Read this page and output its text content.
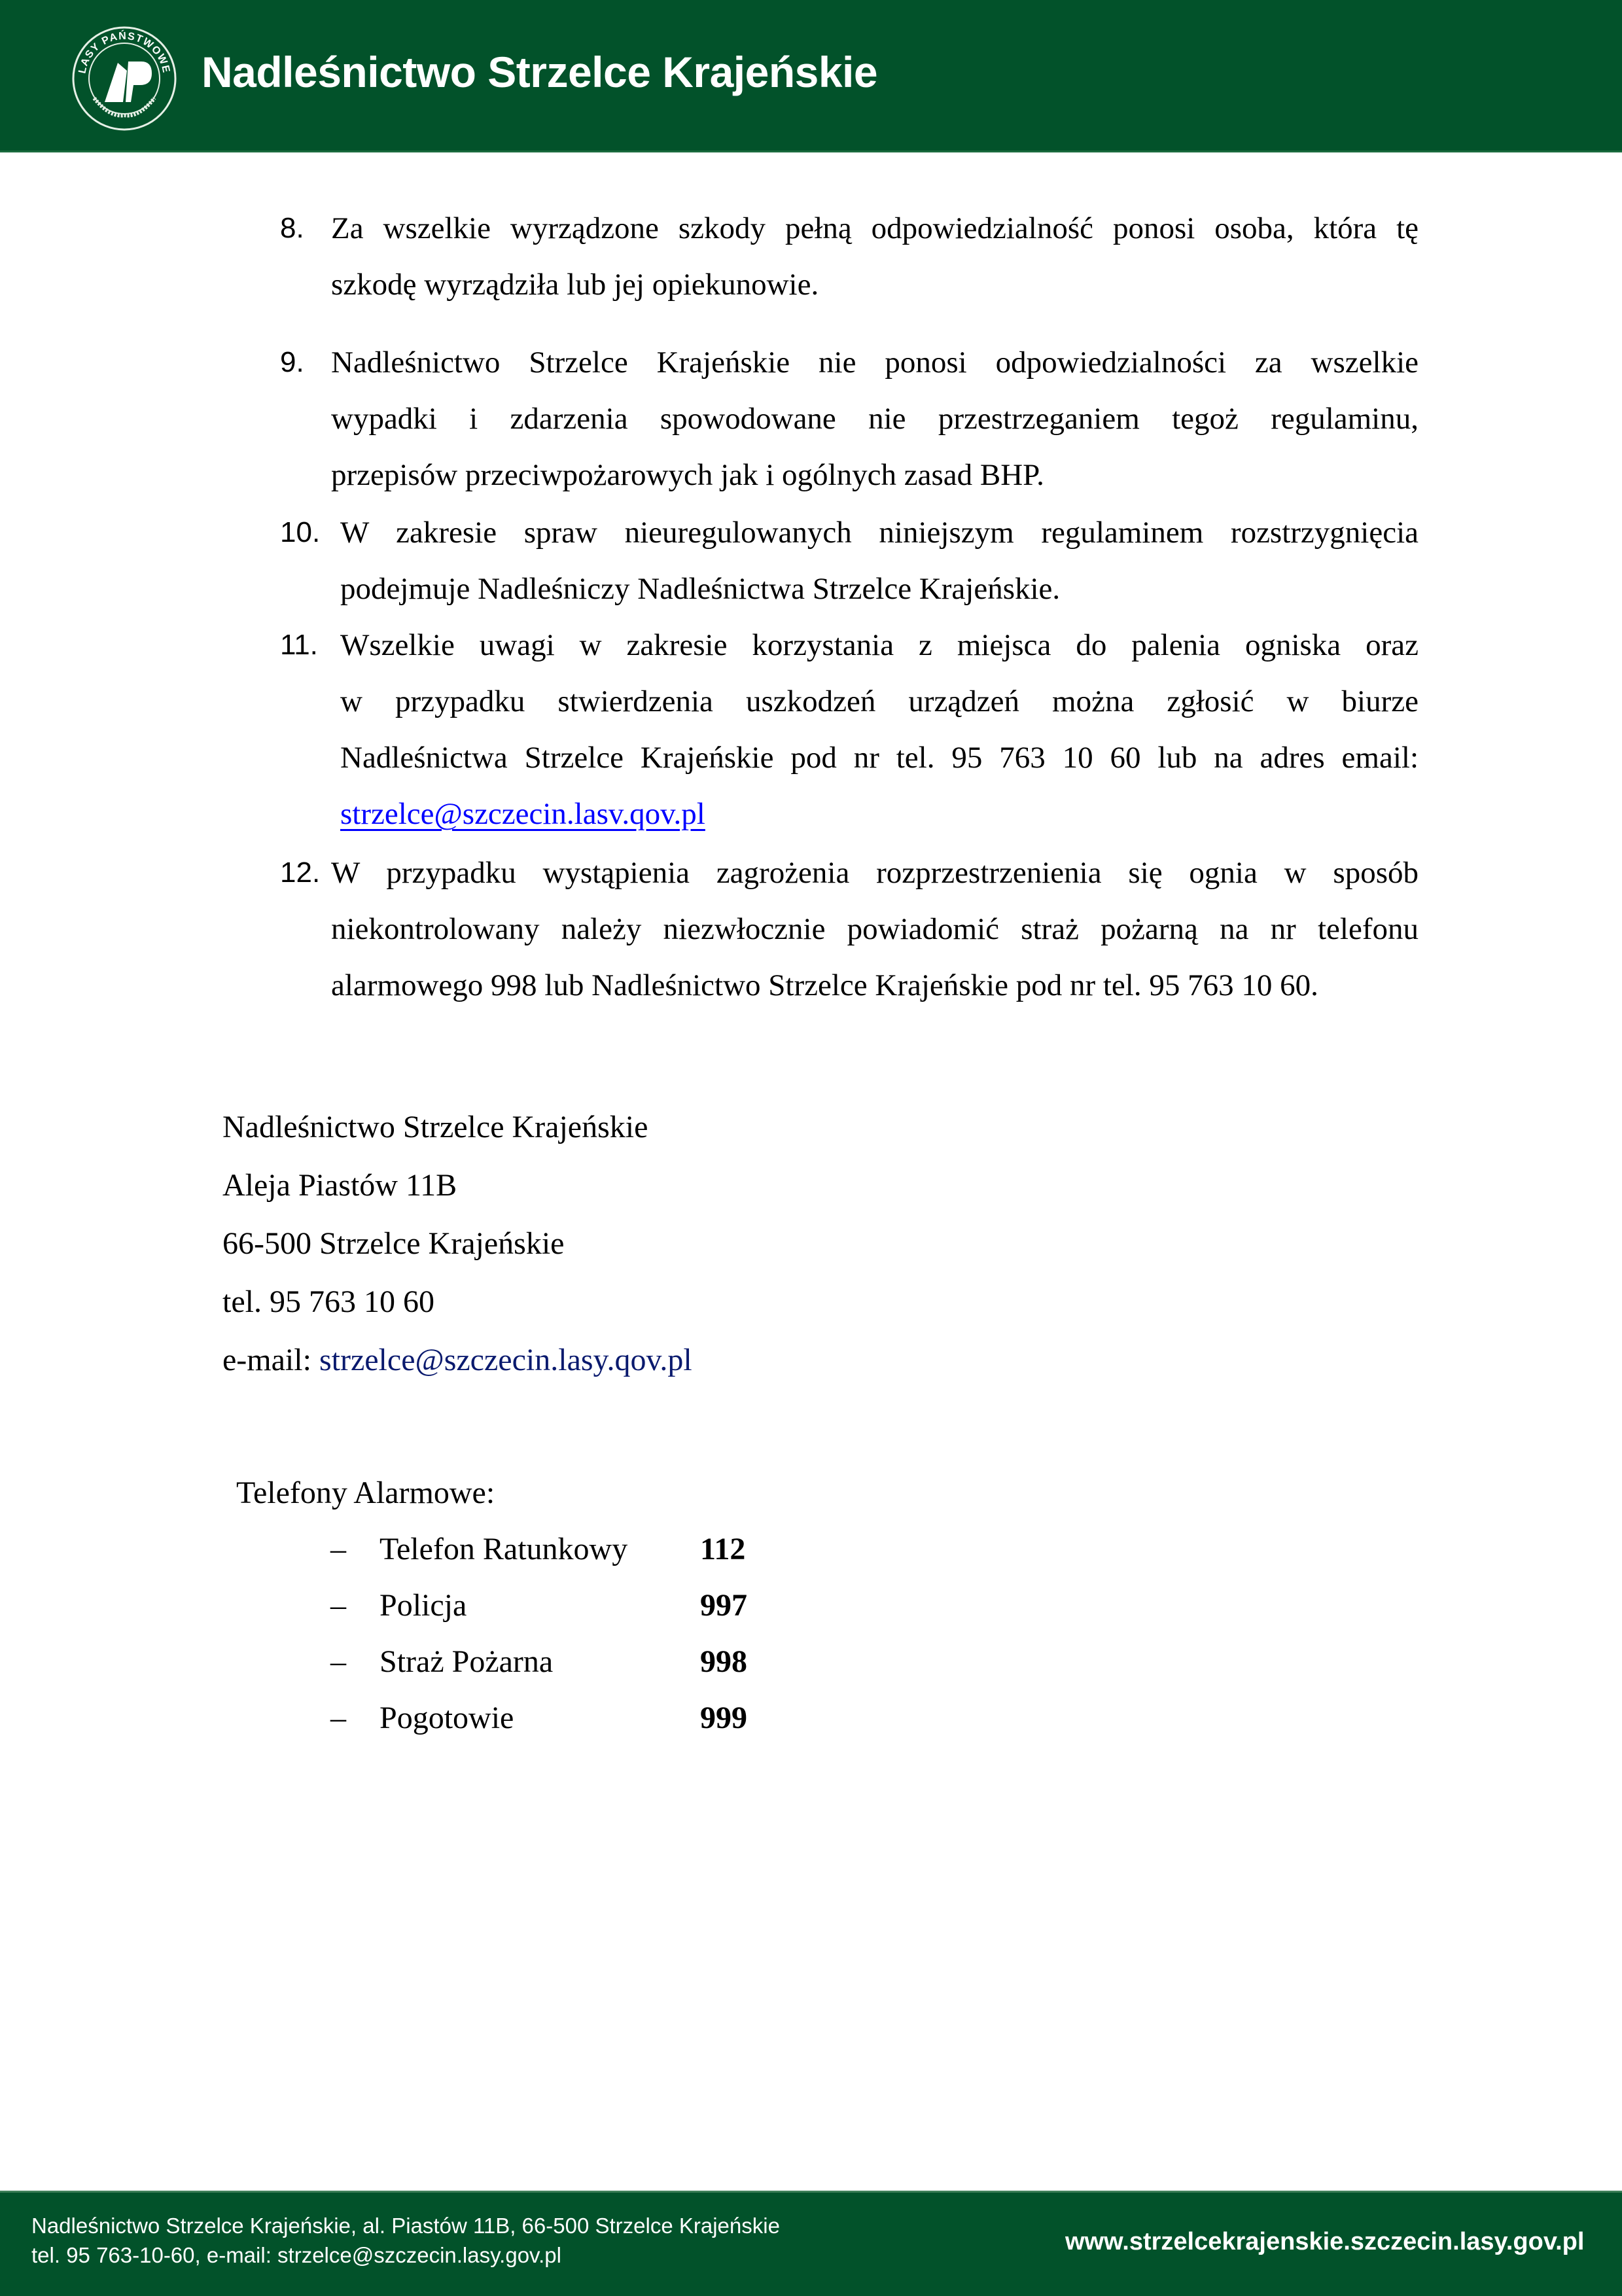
LASY PAŃSTWOWE Nadleśnictwo Strzelce Krajeńskie
8. Za wszelkie wyrządzone szkody pełną odpowiedzialność ponosi osoba, która tę
szkodę wyrządziła lub jej opiekunowie.
9. Nadleśnictwo Strzelce Krajeńskie nie ponosi odpowiedzialności za wszelkie
wypadki i zdarzenia spowodowane nie przestrzeganiem tegoż regulaminu,
przepisów przeciwpożarowych jak i ogólnych zasad BHP.
10. W zakresie spraw nieuregulowanych niniejszym regulaminem rozstrzygnięcia
podejmuje Nadleśniczy Nadleśnictwa Strzelce Krajeńskie.
11. Wszelkie uwagi w zakresie korzystania z miejsca do palenia ogniska oraz
w przypadku stwierdzenia uszkodzeń urządzeń można zgłosić w biurze
Nadleśnictwa Strzelce Krajeńskie pod nr tel. 95 763 10 60 lub na adres email:
strzelce@szczecin.lasv.qov.pl
12. W przypadku wystąpienia zagrożenia rozprzestrzenienia się ognia w sposób
niekontrolowany należy niezwłocznie powiadomić straż pożarną na nr telefonu
alarmowego 998 lub Nadleśnictwo Strzelce Krajeńskie pod nr tel. 95 763 10 60.
Nadleśnictwo Strzelce Krajeńskie
Aleja Piastów 11B
66-500 Strzelce Krajeńskie
tel. 95 763 10 60
e-mail: strzelce@szczecin.lasy.qov.pl
Telefony Alarmowe:
– Telefon Ratunkowy 112
– Policja	997
– Straż Pożarna	998
– Pogotowie	999
Nadleśnictwo Strzelce Krajeńskie, al. Piastów 11B, 66-500 Strzelce Krajeńskie
tel. 95 763-10-60, e-mail: strzelce@szczecin.lasy.gov.pl	www.strzelcekrajenskie.szczecin.lasy.gov.pl
